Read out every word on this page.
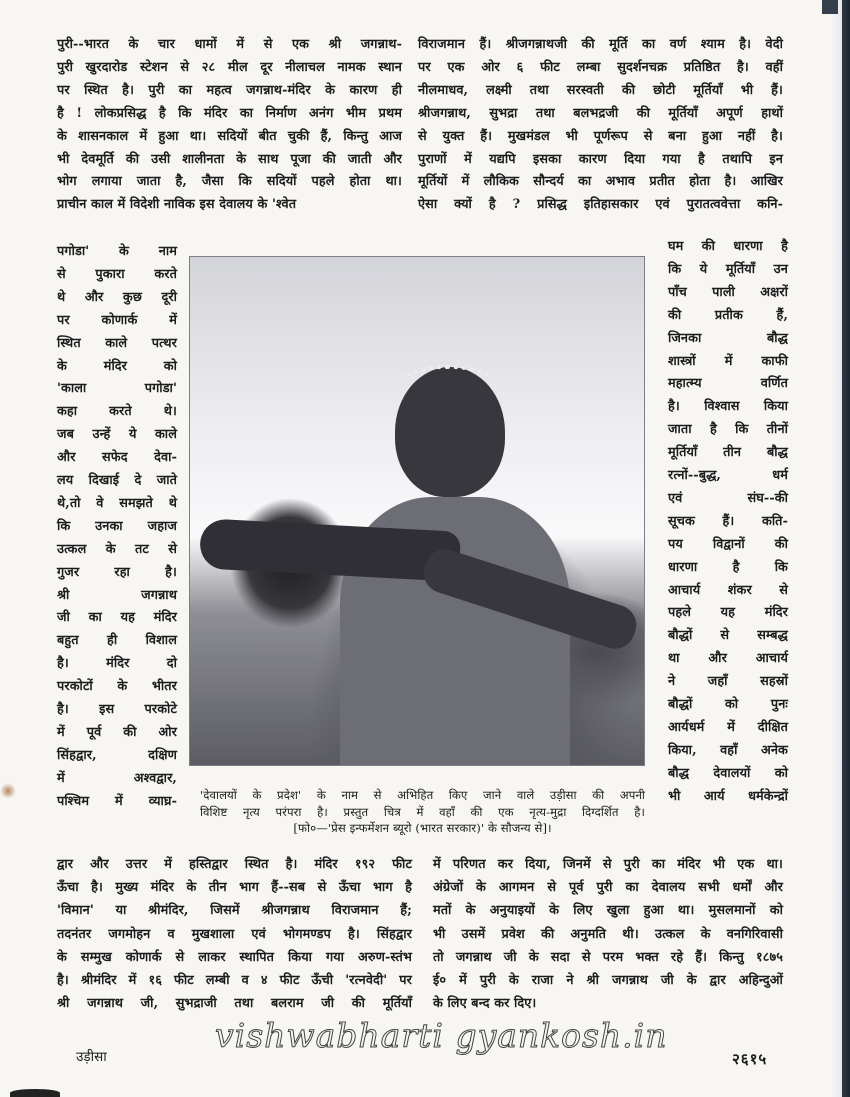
पुरी--भारत के चार धामों में से एक श्री जगन्नाथ-
पुरी खुरदारोड स्टेशन से २८ मील दूर नीलाचल नामक स्थान
पर स्थित है। पुरी का महत्व जगन्नाथ-मंदिर के कारण ही
है ! लोकप्रसिद्ध है कि मंदिर का निर्माण अनंग भीम प्रथम
के शासनकाल में हुआ था। सदियों बीत चुकी हैं, किन्तु आज
भी देवमूर्ति की उसी शालीनता के साथ पूजा की जाती और
भोग लगाया जाता है, जैसा कि सदियों पहले होता था।
प्राचीन काल में विदेशी नाविक इस देवालय के 'श्वेत
विराजमान हैं। श्रीजगन्नाथजी की मूर्ति का वर्ण श्याम है। वेदी
पर एक ओर ६ फीट लम्बा सुदर्शनचक्र प्रतिष्ठित है। वहीं
नीलमाधव, लक्ष्मी तथा सरस्वती की छोटी मूर्तियाँ भी हैं।
श्रीजगन्नाथ, सुभद्रा तथा बलभद्रजी की मूर्तियाँ अपूर्ण हाथों
से युक्त हैं। मुखमंडल भी पूर्णरूप से बना हुआ नहीं है।
पुराणों में यद्यपि इसका कारण दिया गया है तथापि इन
मूर्तियों में लौकिक सौन्दर्य का अभाव प्रतीत होता है। आखिर
ऐसा क्यों है ? प्रसिद्ध इतिहासकार एवं पुरातत्ववेत्ता कनि-
पगोडा' के नाम
से पुकारा करते
थे और कुछ दूरी
पर कोणार्क में
स्थित काले पत्थर
के मंदिर को
'काला पगोडा'
कहा करते थे।
जब उन्हें ये काले
और सफेद देवा-
लय दिखाई दे जाते
थे,तो वे समझते थे
कि उनका जहाज
उत्कल के तट से
गुजर रहा है।
श्री जगन्नाथ
जी का यह मंदिर
बहुत ही विशाल
है। मंदिर दो
परकोटों के भीतर
है। इस परकोटे
में पूर्व की ओर
सिंहद्वार, दक्षिण
में अश्वद्वार,
पश्चिम में व्याघ्र-
घम की धारणा है
कि ये मूर्तियाँ उन
पाँच पाली अक्षरों
की प्रतीक हैं,
जिनका बौद्ध
शास्त्रों में काफी
महात्म्य वर्णित
है। विश्वास किया
जाता है कि तीनों
मूर्तियाँ तीन बौद्ध
रत्नों--बुद्ध, धर्म
एवं संघ--की
सूचक हैं। कति-
पय विद्वानों की
धारणा है कि
आचार्य शंकर से
पहले यह मंदिर
बौद्धों से सम्बद्ध
था और आचार्य
ने जहाँ सहस्रों
बौद्धों को पुनः
आर्यधर्म में दीक्षित
किया, वहाँ अनेक
बौद्ध देवालयों को
भी आर्य धर्मकेन्द्रों
'देवालयों के प्रदेश' के नाम से अभिहित किए जाने वाले उड़ीसा की अपनी
विशिष्ट नृत्य परंपरा है। प्रस्तुत चित्र में वहाँ की एक नृत्य-मुद्रा दिग्दर्शित है।
[फो०—'प्रेस इन्फर्मेशन ब्यूरो (भारत सरकार)' के सौजन्य से]।
द्वार और उत्तर में हस्तिद्वार स्थित है। मंदिर १९२ फीट
ऊँचा है। मुख्य मंदिर के तीन भाग हैं--सब से ऊँचा भाग है
'विमान' या श्रीमंदिर, जिसमें श्रीजगन्नाथ विराजमान हैं;
तदनंतर जगमोहन व मुखशाला एवं भोगमण्डप है। सिंहद्वार
के सम्मुख कोणार्क से लाकर स्थापित किया गया अरुण-स्तंभ
है। श्रीमंदिर में १६ फीट लम्बी व ४ फीट ऊँची 'रत्नवेदी' पर
श्री जगन्नाथ जी, सुभद्राजी तथा बलराम जी की मूर्तियाँ
में परिणत कर दिया, जिनमें से पुरी का मंदिर भी एक था।
अंग्रेजों के आगमन से पूर्व पुरी का देवालय सभी धर्मों और
मतों के अनुयाइयों के लिए खुला हुआ था। मुसलमानों को
भी उसमें प्रवेश की अनुमति थी। उत्कल के वनगिरिवासी
तो जगन्नाथ जी के सदा से परम भक्त रहे हैं। किन्तु १८७५
ई० में पुरी के राजा ने श्री जगन्नाथ जी के द्वार अहिन्दुओं
के लिए बन्द कर दिए।
vishwabharti gyankosh.in
उड़ीसा	२६१५
